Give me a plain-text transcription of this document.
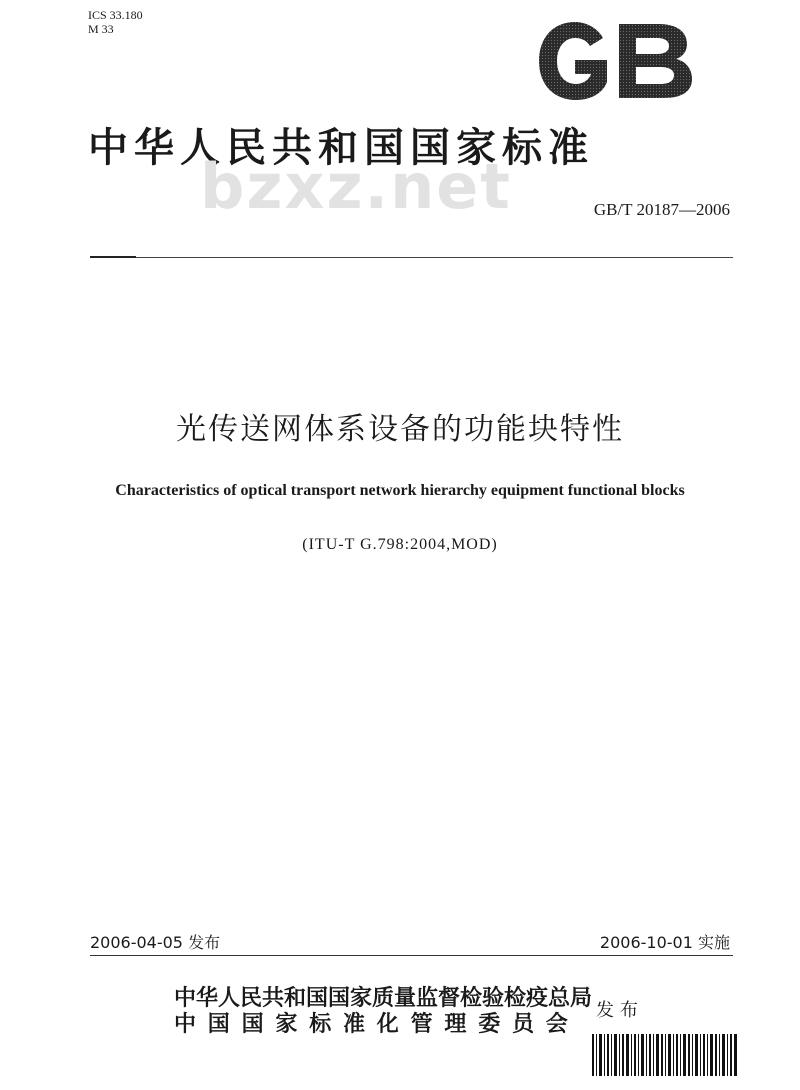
ICS 33.180
M 33
GB
中华人民共和国国家标准
bzxz.net	GB/T 20187—2006
光传送网体系设备的功能块特性
Characteristics of optical transport network hierarchy equipment functional blocks
(ITU-T G.798:2004,MOD)
2006-04-05 发布	2006-10-01 实施
中华人民共和国国家质量监督检验检疫总局
中国国家标准化管理委员会
发布
